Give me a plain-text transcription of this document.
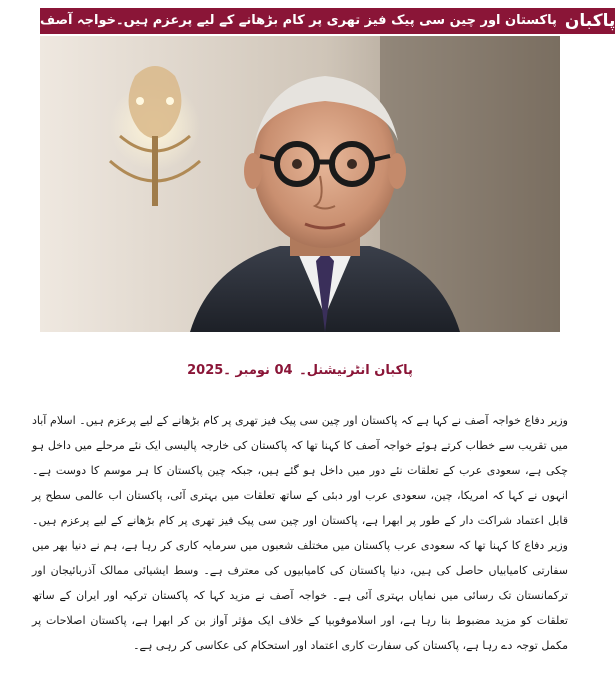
پاکستان اور چین سی پیک فیز تھری پر کام بڑھانے کے لیے پرعزم ہیں۔خواجہ آصف پاکبان
پاکبان انٹرنیشنل۔ 04 نومبر ۔2025

وزیر دفاع خواجہ آصف نے کہا ہے کہ پاکستان اور چین سی پیک فیز تھری پر کام بڑھانے کے لیے پرعزم ہیں۔ اسلام آباد میں تقریب سے خطاب کرتے ہوئے خواجہ آصف کا کہنا تھا کہ پاکستان کی خارجہ پالیسی ایک نئے مرحلے میں داخل ہو چکی ہے، سعودی عرب کے تعلقات نئے دور میں داخل ہو گئے ہیں، جبکہ چین پاکستان کا ہر موسم کا دوست ہے۔ انہوں نے کہا کہ امریکا، چین، سعودی عرب اور دبئی کے ساتھ تعلقات میں بہتری آئی، پاکستان اب عالمی سطح پر قابل اعتماد شراکت دار کے طور پر ابھرا ہے، پاکستان اور چین سی پیک فیز تھری پر کام بڑھانے کے لیے پرعزم ہیں۔ وزیر دفاع کا کہنا تھا کہ سعودی عرب پاکستان میں مختلف شعبوں میں سرمایہ کاری کر رہا ہے، ہم نے دنیا بھر میں سفارتی کامیابیاں حاصل کی ہیں، دنیا پاکستان کی کامیابیوں کی معترف ہے۔ وسط ایشیائی ممالک آذربائیجان اور ترکمانستان تک رسائی میں نمایاں بہتری آئی ہے۔ خواجہ آصف نے مزید کہا کہ پاکستان ترکیہ اور ایران کے ساتھ تعلقات کو مزید مضبوط بنا رہا ہے، اور اسلاموفوبیا کے خلاف ایک مؤثر آواز بن کر ابھرا ہے، پاکستان اصلاحات پر مکمل توجہ دے رہا ہے، پاکستان کی سفارت کاری اعتماد اور استحکام کی عکاسی کر رہی ہے۔
